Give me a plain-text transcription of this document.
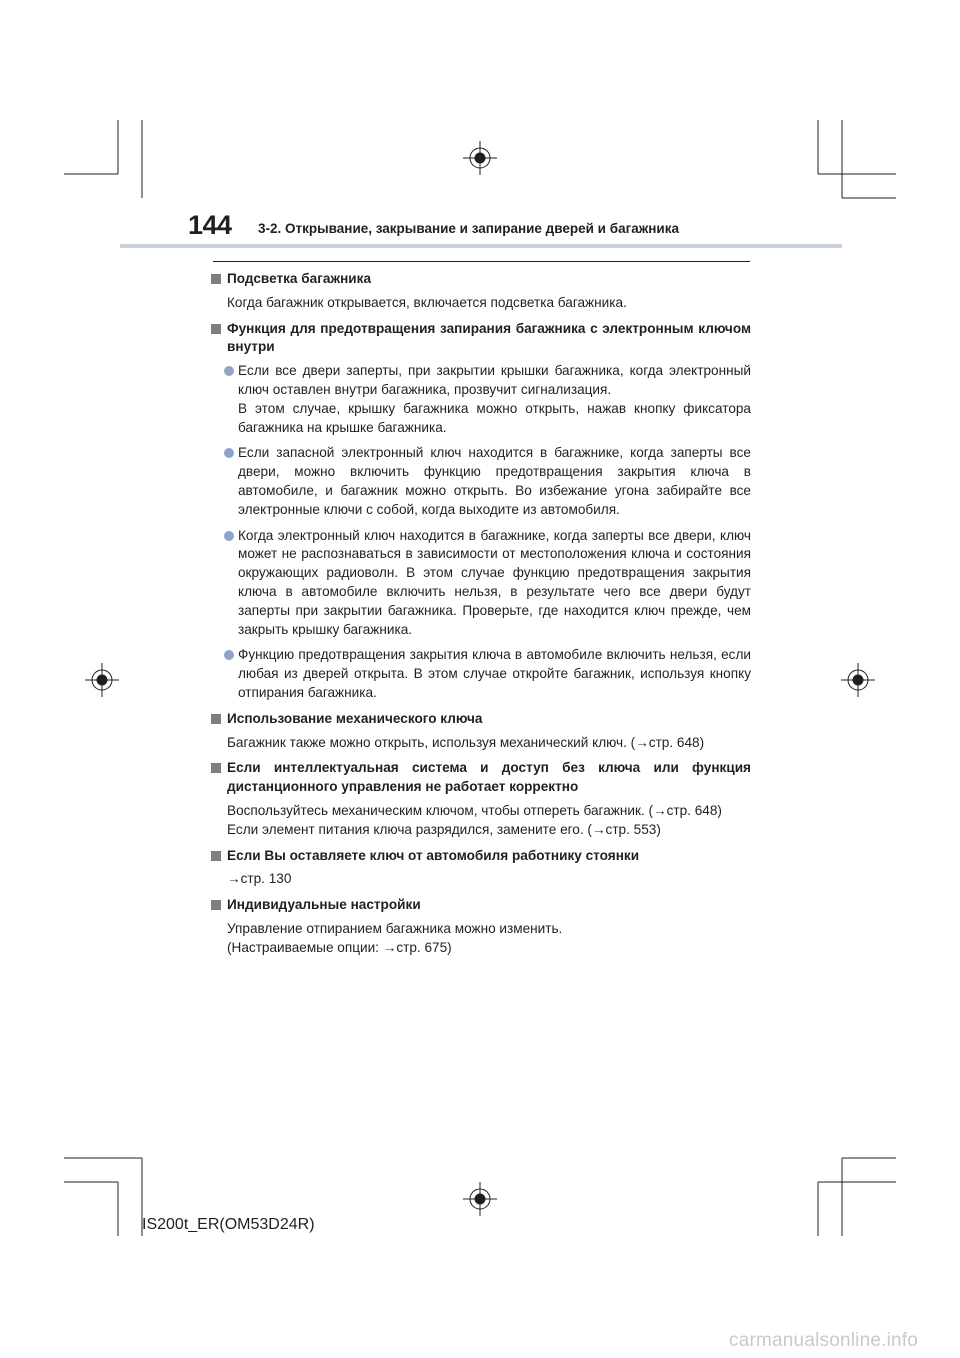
144 3-2. Открывание, закрывание и запирание дверей и багажника
Подсветка багажника

Когда багажник открывается, включается подсветка багажника.

Функция для предотвращения запирания багажника с электронным ключом внутри

Если все двери заперты, при закрытии крышки багажника, когда электронный ключ оставлен внутри багажника, прозвучит сигнализация.

В этом случае, крышку багажника можно открыть, нажав кнопку фиксатора багажника на крышке багажника.

Если запасной электронный ключ находится в багажнике, когда заперты все двери, можно включить функцию предотвращения закрытия ключа в автомобиле, и багажник можно открыть. Во избежание угона забирайте все электронные ключи с собой, когда выходите из автомобиля.

Когда электронный ключ находится в багажнике, когда заперты все двери, ключ может не распознаваться в зависимости от местоположения ключа и состояния окружающих радиоволн. В этом случае функцию предотвращения закрытия ключа в автомобиле включить нельзя, в результате чего все двери будут заперты при закрытии багажника. Проверьте, где находится ключ прежде, чем закрыть крышку багажника.

Функцию предотвращения закрытия ключа в автомобиле включить нельзя, если любая из дверей открыта. В этом случае откройте багажник, используя кнопку отпирания багажника.

Использование механического ключа

Багажник также можно открыть, используя механический ключ. (→стр. 648)

Если интеллектуальная система и доступ без ключа или функция дистанционного управления не работает корректно

Воспользуйтесь механическим ключом, чтобы отпереть багажник. (→стр. 648)

Если элемент питания ключа разрядился, замените его. (→стр. 553)

Если Вы оставляете ключ от автомобиля работнику стоянки

→стр. 130

Индивидуальные настройки

Управление отпиранием багажника можно изменить.

(Настраиваемые опции: →стр. 675)

IS200t_ER(OM53D24R)
carmanualsonline.info
